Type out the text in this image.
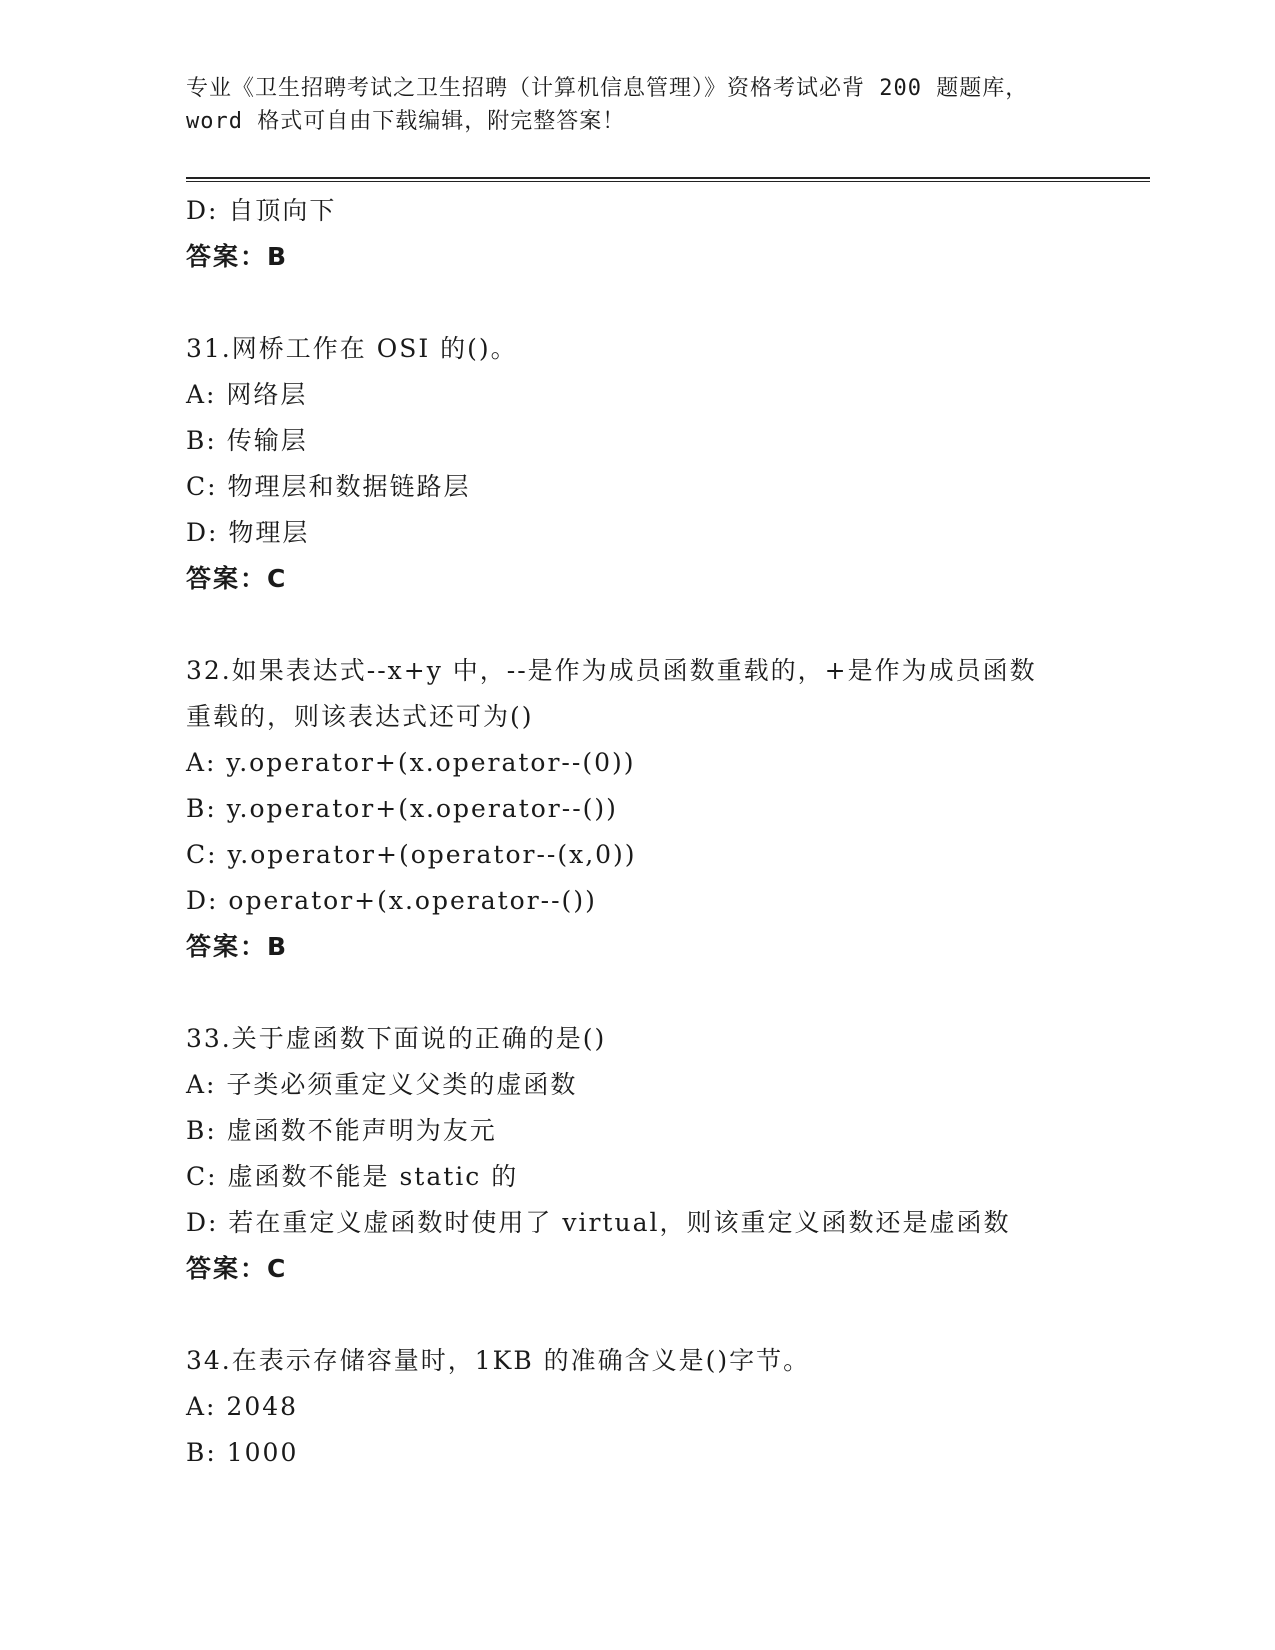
专业《卫生招聘考试之卫生招聘（计算机信息管理）》资格考试必背 200 题题库，
word 格式可自由下载编辑，附完整答案！
D: 自顶向下
答案：B
31.网桥工作在 OSI 的()。
A: 网络层
B: 传输层
C: 物理层和数据链路层
D: 物理层
答案：C
32.如果表达式--x+y 中，--是作为成员函数重载的，+是作为成员函数
重载的，则该表达式还可为()
A: y.operator+(x.operator--(0))
B: y.operator+(x.operator--())
C: y.operator+(operator--(x,0))
D: operator+(x.operator--())
答案：B
33.关于虚函数下面说的正确的是()
A: 子类必须重定义父类的虚函数
B: 虚函数不能声明为友元
C: 虚函数不能是 static 的
D: 若在重定义虚函数时使用了 virtual，则该重定义函数还是虚函数
答案：C
34.在表示存储容量时，1KB 的准确含义是()字节。
A: 2048
B: 1000
